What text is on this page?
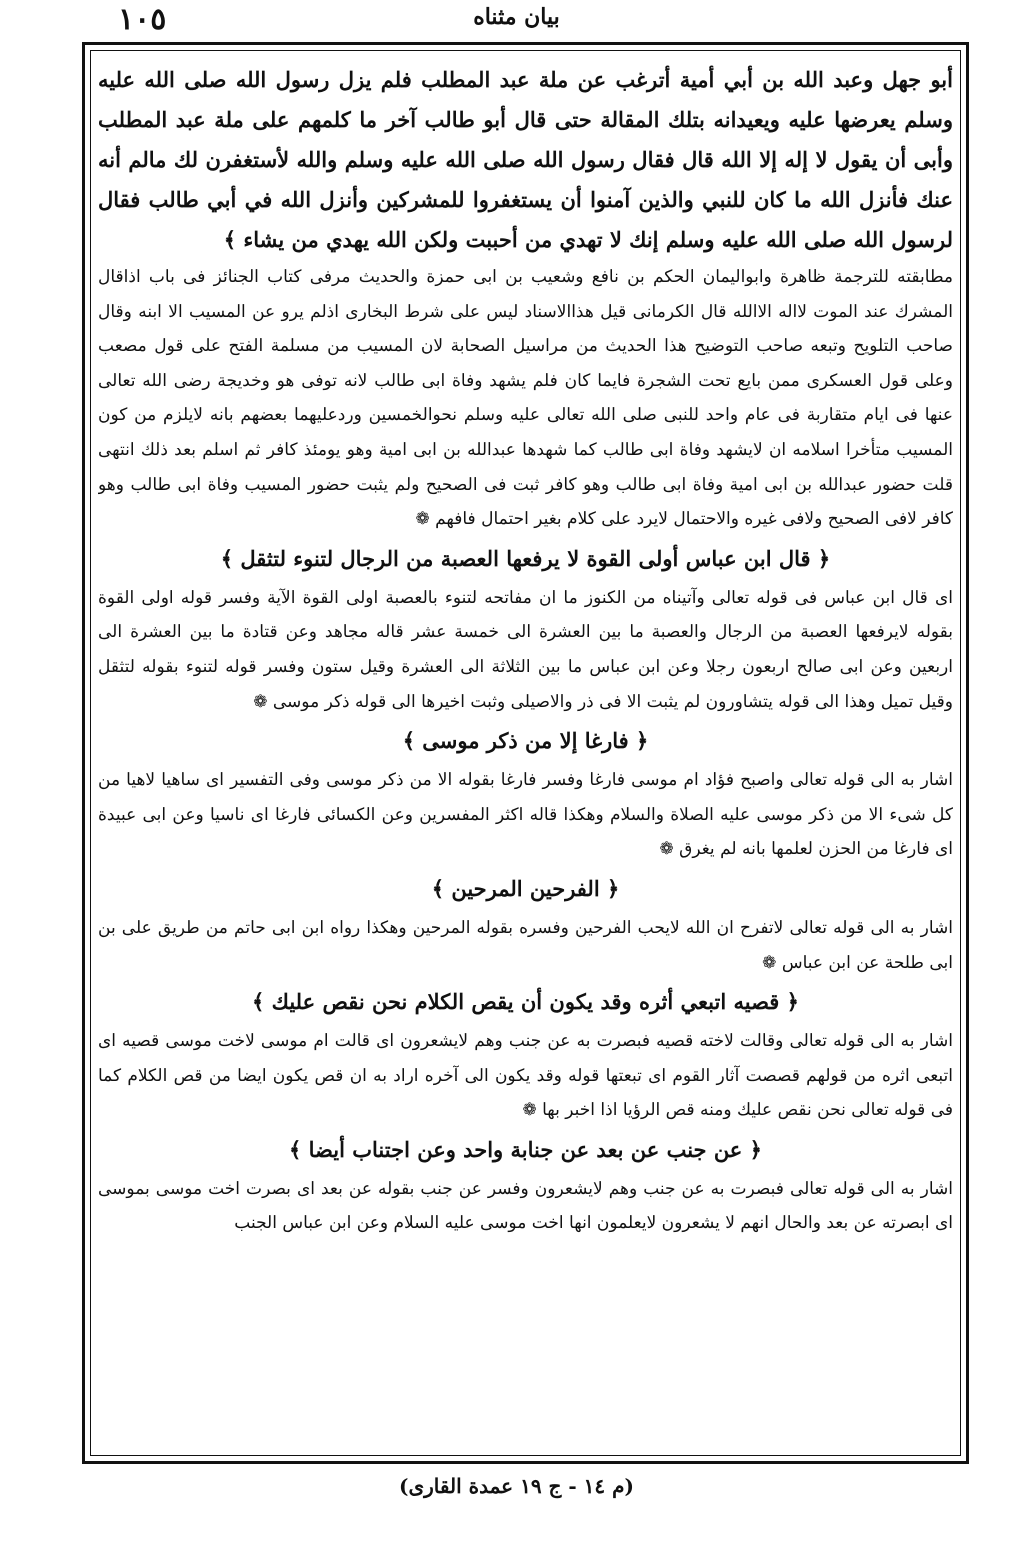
بيان مثناه
١٠٥

أبو جهل وعبد الله بن أبي أمية أترغب عن ملة عبد المطلب فلم يزل رسول الله صلى الله عليه وسلم يعرضها عليه ويعيدانه بتلك المقالة حتى قال أبو طالب آخر ما كلمهم على ملة عبد المطلب وأبى أن يقول لا إله إلا الله قال فقال رسول الله صلى الله عليه وسلم والله لأستغفرن لك مالم أنه عنك فأنزل الله ما كان للنبي والذين آمنوا أن يستغفروا للمشركين وأنزل الله في أبي طالب فقال لرسول الله صلى الله عليه وسلم إنك لا تهدي من أحببت ولكن الله يهدي من يشاء ﴾

مطابقته للترجمة ظاهرة وابواليمان الحكم بن نافع وشعيب بن ابى حمزة والحديث مرفى كتاب الجنائز فى باب اذاقال المشرك عند الموت لااله الاالله قال الكرمانى قيل هذاالاسناد ليس على شرط البخارى اذلم يرو عن المسيب الا ابنه وقال صاحب التلويح وتبعه صاحب التوضيح هذا الحديث من مراسيل الصحابة لان المسيب من مسلمة الفتح على قول مصعب وعلى قول العسكرى ممن بايع تحت الشجرة فايما كان فلم يشهد وفاة ابى طالب لانه توفى هو وخديجة رضى الله تعالى عنها فى ايام متقاربة فى عام واحد للنبى صلى الله تعالى عليه وسلم نحوالخمسين وردعليهما بعضهم بانه لايلزم من كون المسيب متأخرا اسلامه ان لايشهد وفاة ابى طالب كما شهدها عبدالله بن ابى امية وهو يومئذ كافر ثم اسلم بعد ذلك انتهى قلت حضور عبدالله بن ابى امية وفاة ابى طالب وهو كافر ثبت فى الصحيح ولم يثبت حضور المسيب وفاة ابى طالب وهو كافر لافى الصحيح ولافى غيره والاحتمال لايرد على كلام بغير احتمال فافهم ❁

﴿ قال ابن عباس أولى القوة لا يرفعها العصبة من الرجال لتنوء لتثقل ﴾

اى قال ابن عباس فى قوله تعالى وآتيناه من الكنوز ما ان مفاتحه لتنوء بالعصبة اولى القوة الآية وفسر قوله اولى القوة بقوله لايرفعها العصبة من الرجال والعصبة ما بين العشرة الى خمسة عشر قاله مجاهد وعن قتادة ما بين العشرة الى اربعين وعن ابى صالح اربعون رجلا وعن ابن عباس ما بين الثلاثة الى العشرة وقيل ستون وفسر قوله لتنوء بقوله لتثقل وقيل تميل وهذا الى قوله يتشاورون لم يثبت الا فى ذر والاصيلى وثبت اخيرها الى قوله ذكر موسى ❁

﴿ فارغا إلا من ذكر موسى ﴾

اشار به الى قوله تعالى واصبح فؤاد ام موسى فارغا وفسر فارغا بقوله الا من ذكر موسى وفى التفسير اى ساهيا لاهيا من كل شىء الا من ذكر موسى عليه الصلاة والسلام وهكذا قاله اكثر المفسرين وعن الكسائى فارغا اى ناسيا وعن ابى عبيدة اى فارغا من الحزن لعلمها بانه لم يغرق ❁

﴿ الفرحين المرحين ﴾

اشار به الى قوله تعالى لاتفرح ان الله لايحب الفرحين وفسره بقوله المرحين وهكذا رواه ابن ابى حاتم من طريق على بن ابى طلحة عن ابن عباس ❁

﴿ قصيه اتبعي أثره وقد يكون أن يقص الكلام نحن نقص عليك ﴾

اشار به الى قوله تعالى وقالت لاخته قصيه فبصرت به عن جنب وهم لايشعرون اى قالت ام موسى لاخت موسى قصيه اى اتبعى اثره من قولهم قصصت آثار القوم اى تبعتها قوله وقد يكون الى آخره اراد به ان قص يكون ايضا من قص الكلام كما فى قوله تعالى نحن نقص عليك ومنه قص الرؤيا اذا اخبر بها ❁

﴿ عن جنب عن بعد عن جنابة واحد وعن اجتناب أيضا ﴾

اشار به الى قوله تعالى فبصرت به عن جنب وهم لايشعرون وفسر عن جنب بقوله عن بعد اى بصرت اخت موسى بموسى اى ابصرته عن بعد والحال انهم لا يشعرون لايعلمون انها اخت موسى عليه السلام وعن ابن عباس الجنب

(م ١٤ - ج ١٩ عمدة القارى)
